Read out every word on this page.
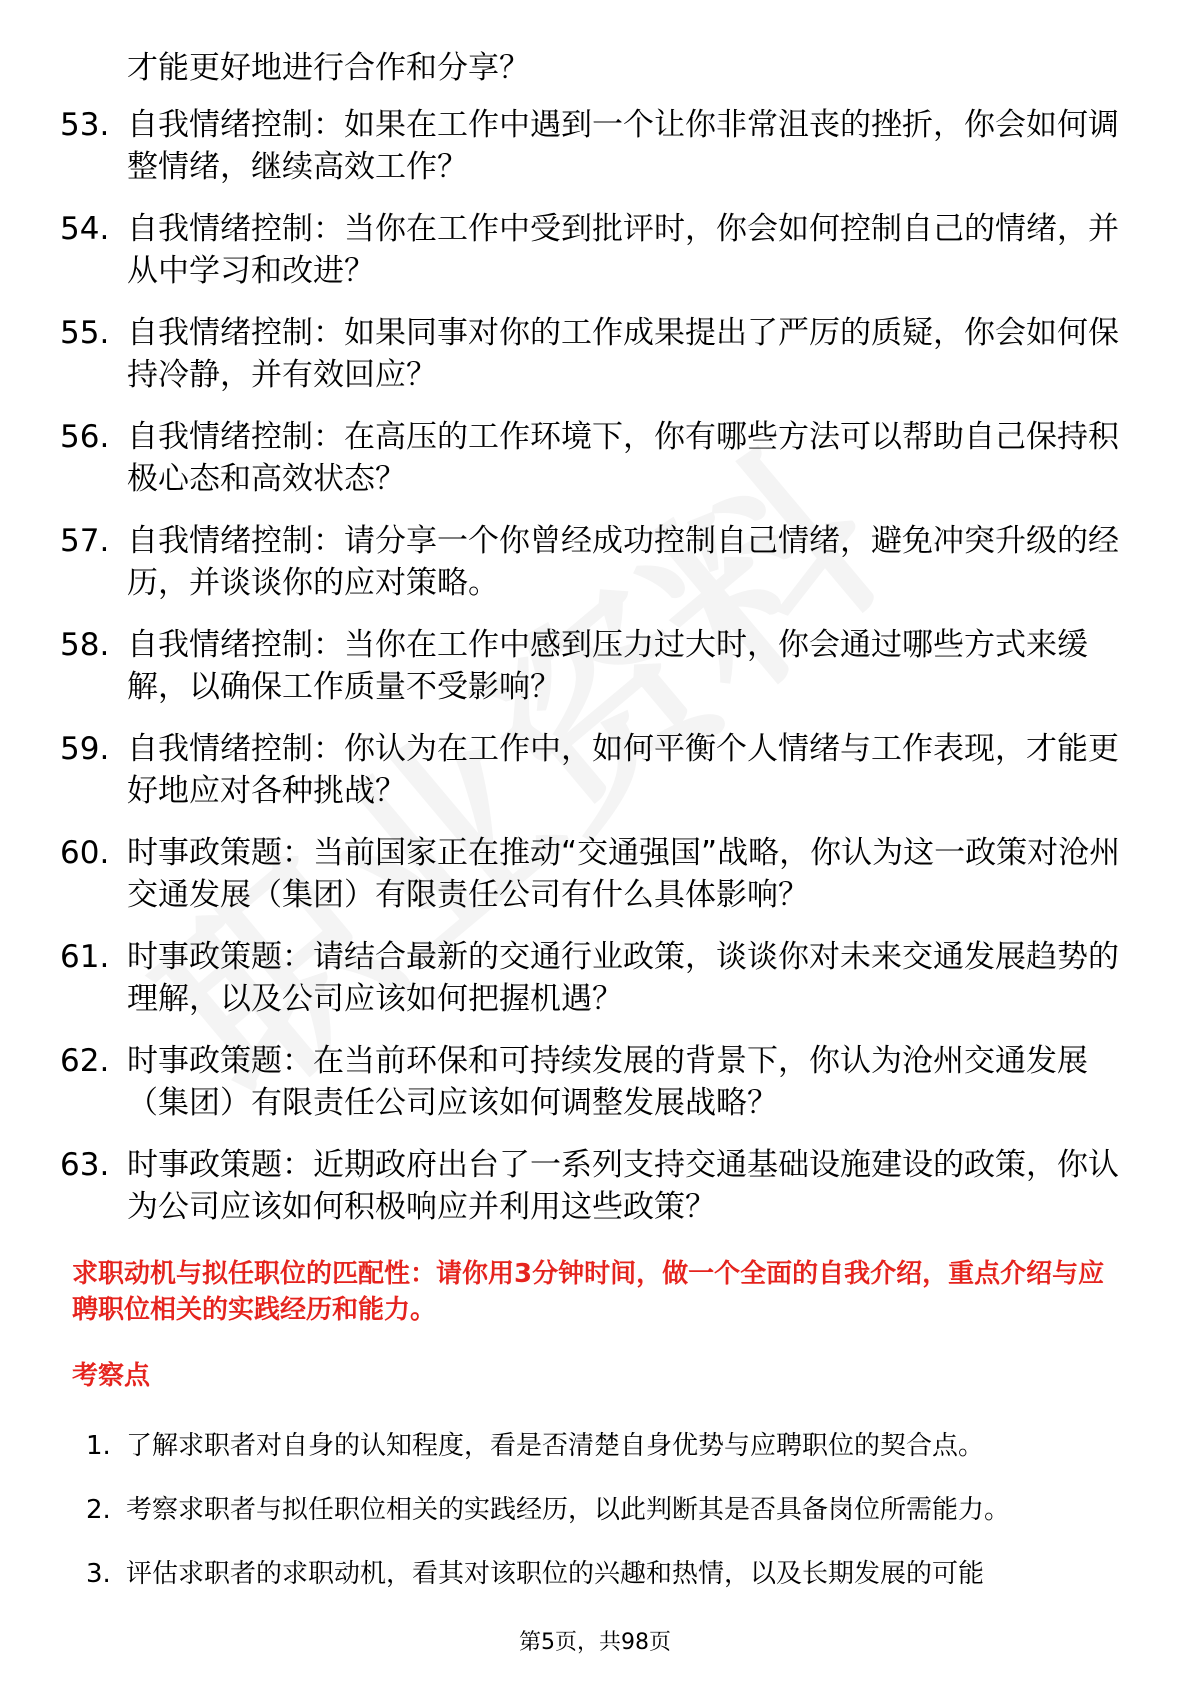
才能更好地进行合作和分享？
53. 自我情绪控制：如果在工作中遇到一个让你非常沮丧的挫折，你会如何调整情绪，继续高效工作？
54. 自我情绪控制：当你在工作中受到批评时，你会如何控制自己的情绪，并从中学习和改进？
55. 自我情绪控制：如果同事对你的工作成果提出了严厉的质疑，你会如何保持冷静，并有效回应？
56. 自我情绪控制：在高压的工作环境下，你有哪些方法可以帮助自己保持积极心态和高效状态？
57. 自我情绪控制：请分享一个你曾经成功控制自己情绪，避免冲突升级的经历，并谈谈你的应对策略。
58. 自我情绪控制：当你在工作中感到压力过大时，你会通过哪些方式来缓解，以确保工作质量不受影响？
59. 自我情绪控制：你认为在工作中，如何平衡个人情绪与工作表现，才能更好地应对各种挑战？
60. 时事政策题：当前国家正在推动“交通强国”战略，你认为这一政策对沧州交通发展（集团）有限责任公司有什么具体影响？
61. 时事政策题：请结合最新的交通行业政策，谈谈你对未来交通发展趋势的理解，以及公司应该如何把握机遇？
62. 时事政策题：在当前环保和可持续发展的背景下，你认为沧州交通发展（集团）有限责任公司应该如何调整发展战略？
63. 时事政策题：近期政府出台了一系列支持交通基础设施建设的政策，你认为公司应该如何积极响应并利用这些政策？
求职动机与拟任职位的匹配性：请你用3分钟时间，做一个全面的自我介绍，重点介绍与应聘职位相关的实践经历和能力。
考察点
1. 了解求职者对自身的认知程度，看是否清楚自身优势与应聘职位的契合点。
2. 考察求职者与拟任职位相关的实践经历，以此判断其是否具备岗位所需能力。
3. 评估求职者的求职动机，看其对该职位的兴趣和热情，以及长期发展的可能
第5页，共98页
